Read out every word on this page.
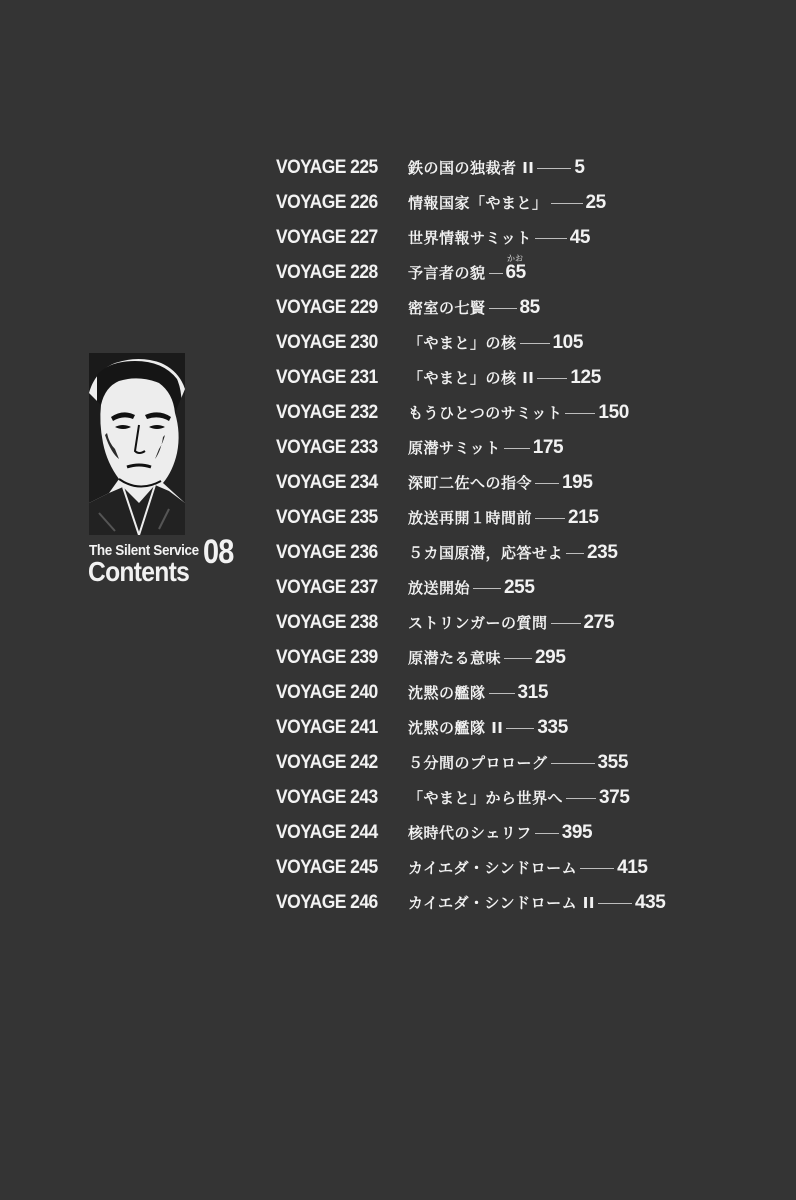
The Silent Service 08
Contents
かお
VOYAGE 225	鉄の国の独裁者 II 5
VOYAGE 226	情報国家「やまと」 25
VOYAGE 227	世界情報サミット 45
VOYAGE 228	予言者の貌 65
VOYAGE 229	密室の七賢 85
VOYAGE 230	「やまと」の核 105
VOYAGE 231	「やまと」の核 II 125
VOYAGE 232	もうひとつのサミット 150
VOYAGE 233	原潜サミット 175
VOYAGE 234	深町二佐への指令 195
VOYAGE 235	放送再開１時間前 215
VOYAGE 236	５カ国原潜，応答せよ 235
VOYAGE 237	放送開始 255
VOYAGE 238	ストリンガーの質問 275
VOYAGE 239	原潜たる意味 295
VOYAGE 240	沈黙の艦隊 315
VOYAGE 241	沈黙の艦隊 II 335
VOYAGE 242	５分間のプロローグ	355
VOYAGE 243	「やまと」から世界へ 375
VOYAGE 244	核時代のシェリフ 395
VOYAGE 245	カイエダ・シンドローム 415
VOYAGE 246	カイエダ・シンドローム II 435
